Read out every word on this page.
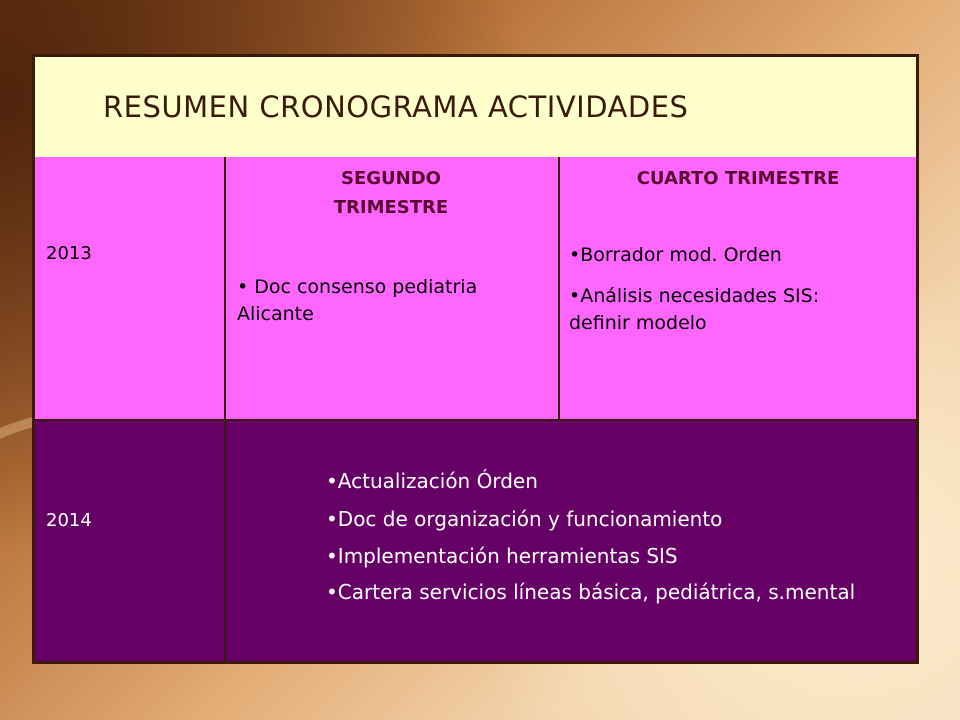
RESUMEN CRONOGRAMA ACTIVIDADES
2013
SEGUNDO TRIMESTRE
• Doc consenso pediatria Alicante
CUARTO TRIMESTRE
•Borrador mod. Orden
•Análisis necesidades SIS: definir modelo
2014
•Actualización Órden
•Doc de organización y funcionamiento
•Implementación herramientas SIS
•Cartera servicios líneas básica, pediátrica, s.mental
